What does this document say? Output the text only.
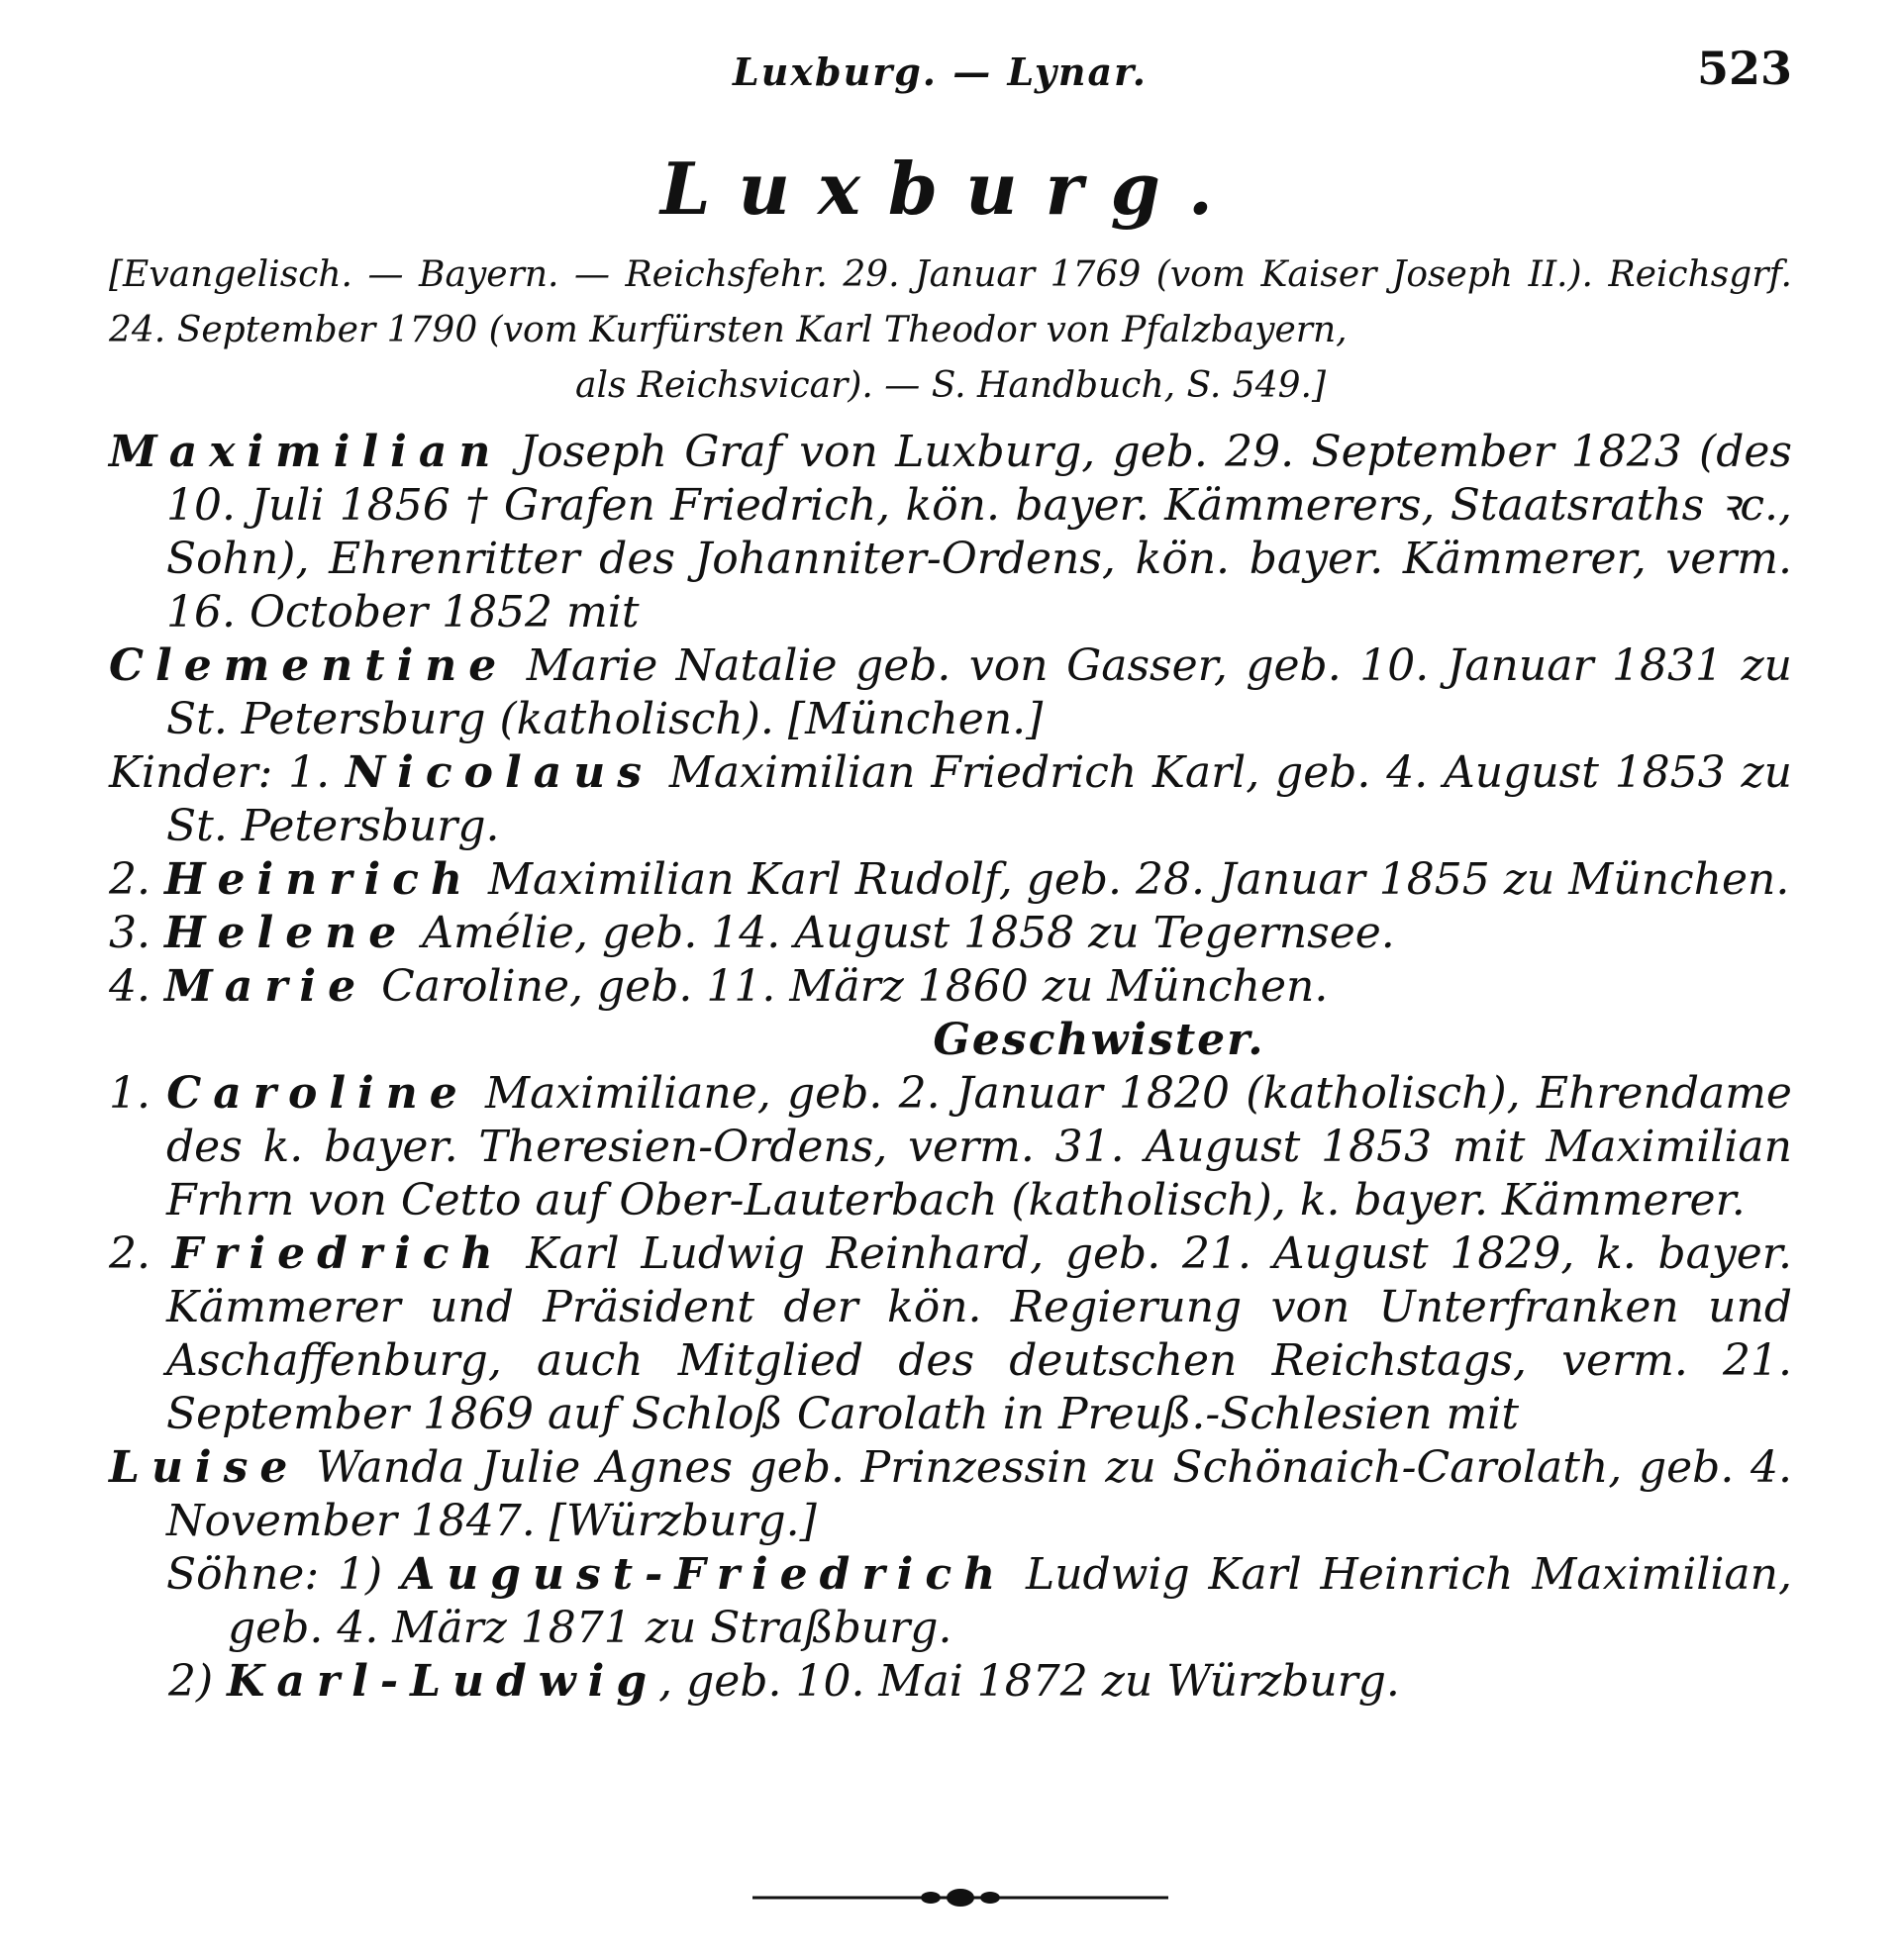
Luxburg. — Lynar.	523
Luxburg.
[Evangelisch. — Bayern. — Reichsfehr. 29. Januar 1769 (vom Kaiser Joseph II.). Reichsgrf. 24. September 1790 (vom Kurfürsten Karl Theodor von Pfalzbayern,
als Reichsvicar). — S. Handbuch, S. 549.]

Maximilian Joseph Graf von Luxburg, geb. 29. September 1823 (des 10. Juli 1856 † Grafen Friedrich, kön. bayer. Kämmerers, Staatsraths ꝛc., Sohn), Ehrenritter des Johanniter-Ordens, kön. bayer. Kämmerer, verm. 16. October 1852 mit

Clementine Marie Natalie geb. von Gasser, geb. 10. Januar 1831 zu St. Petersburg (katholisch). [München.]

Kinder: 1. Nicolaus Maximilian Friedrich Karl, geb. 4. August 1853 zu St. Petersburg.

2. Heinrich Maximilian Karl Rudolf, geb. 28. Januar 1855 zu München.

3. Helene Amélie, geb. 14. August 1858 zu Tegernsee.

4. Marie Caroline, geb. 11. März 1860 zu München.

Geschwister.

1. Caroline Maximiliane, geb. 2. Januar 1820 (katholisch), Ehrendame des k. bayer. Theresien-Ordens, verm. 31. August 1853 mit Maximilian Frhrn von Cetto auf Ober-Lauterbach (katholisch), k. bayer. Kämmerer.

2. Friedrich Karl Ludwig Reinhard, geb. 21. August 1829, k. bayer. Kämmerer und Präsident der kön. Regierung von Unterfranken und Aschaffenburg, auch Mitglied des deutschen Reichstags, verm. 21. September 1869 auf Schloß Carolath in Preuß.-Schlesien mit

Luise Wanda Julie Agnes geb. Prinzessin zu Schönaich-Carolath, geb. 4. November 1847. [Würzburg.]

Söhne: 1) August-Friedrich Ludwig Karl Heinrich Maximilian, geb. 4. März 1871 zu Straßburg.

2) Karl-Ludwig, geb. 10. Mai 1872 zu Würzburg.
